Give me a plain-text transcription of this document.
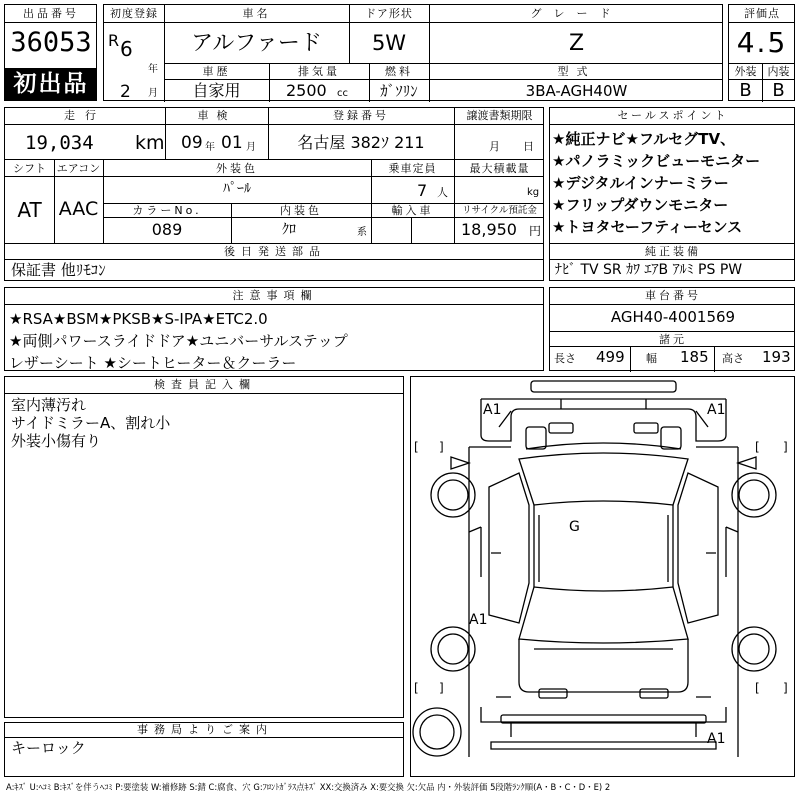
出品番号
36053
初出品
初度登録
R 6
年
2 月
車名
アルファード
ドア形状
5W
グレード
Z
車歴
自家用
排気量
2500 cc
燃料
ｶﾞｿﾘﾝ
型式
3BA-AGH40W
評価点
4.5
外装	内装
B	B
走行
19,034 km
車検
09 年 01 月
登録番号
名古屋 382ｿ 211
譲渡書類期限
月 日
シフト
AT
エアコン
AAC
外装色
ﾊﾟｰﾙ
乗車定員
7 人
最大積載量
kg
カラーNo.
089
内装色
ｸﾛ	系
輸入車	リサイクル預託金
18,950 円
後日発送部品
保証書 他ﾘﾓｺﾝ
セールスポイント
★純正ナビ★フルセグTV、
★パノラミックビューモニター
★デジタルインナーミラー
★フリップダウンモニター
★トヨタセーフティーセンス
純正装備
ﾅﾋﾞ TV SR ｶﾜ ｴｱB ｱﾙﾐ PS PW
注意事項欄
★RSA★BSM★PKSB★S-IPA★ETC2.0
★両側パワースライドドア★ユニバーサルステップ
レザーシート ★シートヒーター＆クーラー
車台番号
AGH40-4001569
諸元
長さ 499 幅 185 高さ 193
検査員記入欄
室内薄汚れ
サイドミラーA、割れ小
外装小傷有り
事務局よりご案内
キーロック
A1	A1
G
A1
A1
[ ]	[ ]
[ ]	[ ]
A:ｷｽﾞ U:ﾍｺﾐ B:ｷｽﾞを伴うﾍｺﾐ P:要塗装 W:補修跡 S:錆 C:腐食、穴 G:ﾌﾛﾝﾄｶﾞﾗｽ点ｷｽﾞ XX:交換済み X:要交換 欠:欠品 内・外装評価 5段階ﾗﾝｸ順(A・B・C・D・E) 2
